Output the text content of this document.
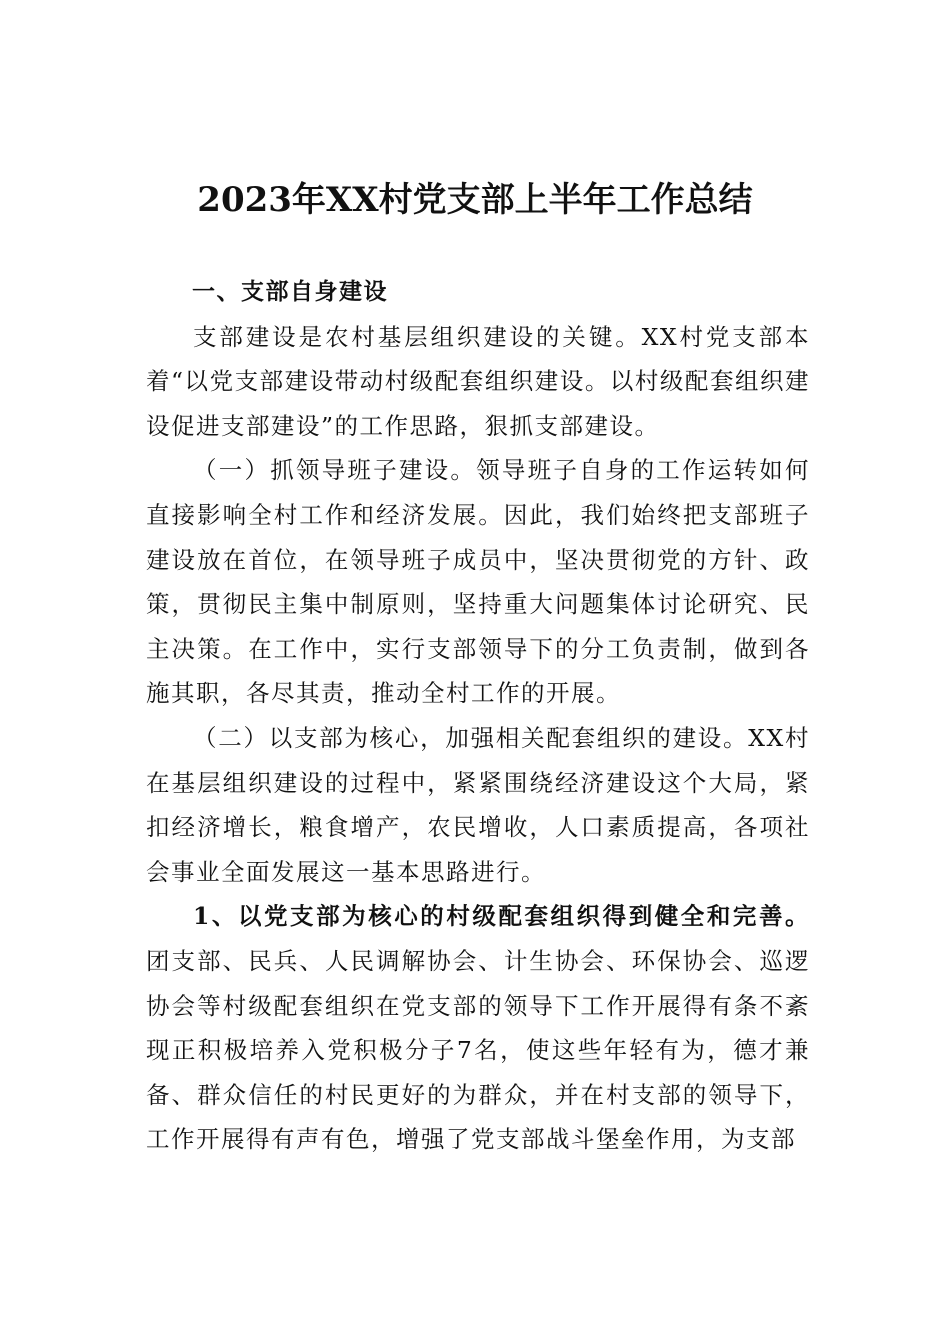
2023年XX村党支部上半年工作总结

一、支部自身建设

支部建设是农村基层组织建设的关键。XX村党支部本着“以党支部建设带动村级配套组织建设。以村级配套组织建设促进支部建设”的工作思路，狠抓支部建设。

（一）抓领导班子建设。领导班子自身的工作运转如何直接影响全村工作和经济发展。因此，我们始终把支部班子建设放在首位，在领导班子成员中，坚决贯彻党的方针、政策，贯彻民主集中制原则，坚持重大问题集体讨论研究、民主决策。在工作中，实行支部领导下的分工负责制，做到各施其职，各尽其责，推动全村工作的开展。

（二）以支部为核心，加强相关配套组织的建设。XX村在基层组织建设的过程中，紧紧围绕经济建设这个大局，紧扣经济增长，粮食增产，农民增收，人口素质提高，各项社会事业全面发展这一基本思路进行。

1、以党支部为核心的村级配套组织得到健全和完善。团支部、民兵、人民调解协会、计生协会、环保协会、巡逻协会等村级配套组织在党支部的领导下工作开展得有条不紊现正积极培养入党积极分子7名，使这些年轻有为，德才兼备、群众信任的村民更好的为群众，并在村支部的领导下，工作开展得有声有色，增强了党支部战斗堡垒作用，为支部
